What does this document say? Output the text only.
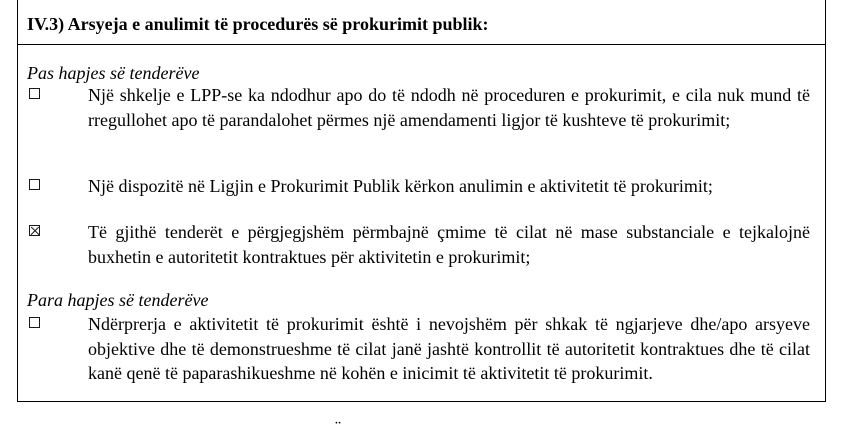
IV.3) Arsyeja e anulimit të procedurës së prokurimit publik:
Pas hapjes së tenderëve

Një shkelje e LPP-se ka ndodhur apo do të ndodh në proceduren e prokurimit, e cila nuk mund të rregullohet apo të parandalohet përmes një amendamenti ligjor të kushteve të prokurimit;

Një dispozitë në Ligjin e Prokurimit Publik kërkon anulimin e aktivitetit të prokurimit;

Të gjithë tenderët e përgjegjshëm përmbajnë çmime të cilat në mase substanciale e tejkalojnë buxhetin e autoritetit kontraktues për aktivitetin e prokurimit;

Para hapjes së tenderëve

Ndërprerja e aktivitetit të prokurimit është i nevojshëm për shkak të ngjarjeve dhe/apo arsyeve objektive dhe të demonstrueshme të cilat janë jashtë kontrollit të autoritetit kontraktues dhe të cilat kanë qenë të paparashikueshme në kohën e inicimit të aktivitetit të prokurimit.

¨
